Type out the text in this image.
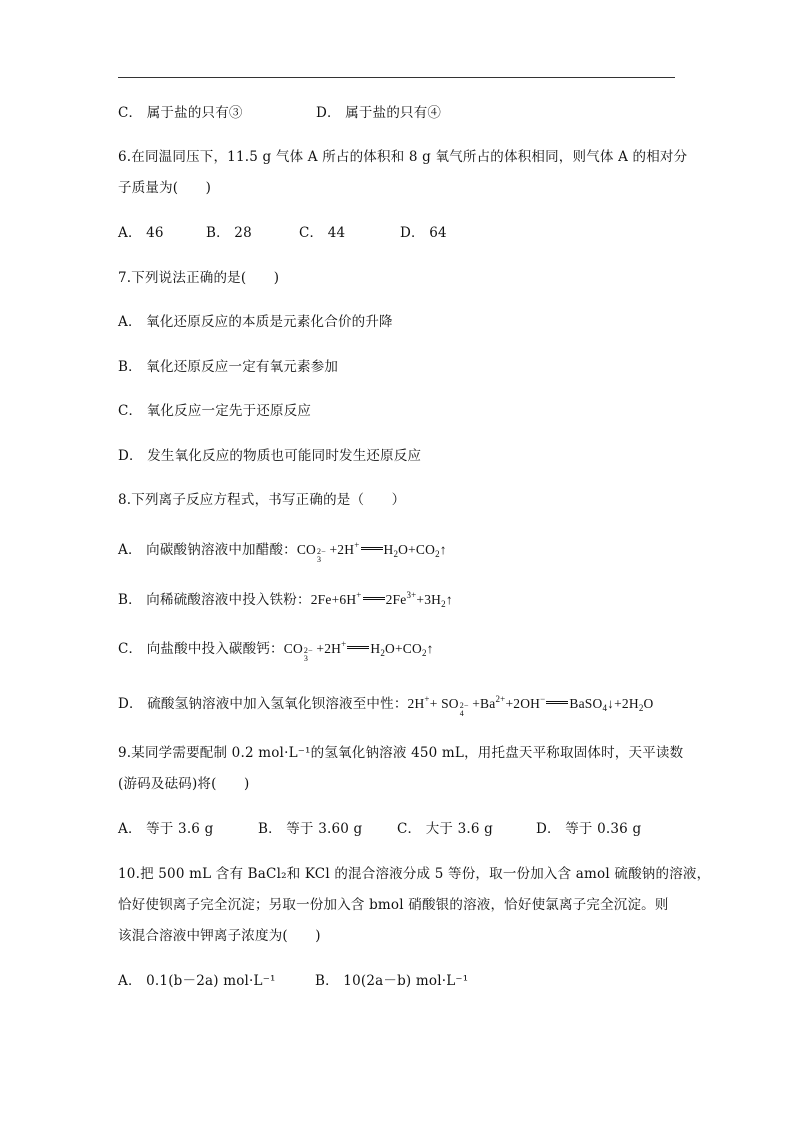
C． 属于盐的只有③	D． 属于盐的只有④
6.在同温同压下，11.5 g 气体 A 所占的体积和 8 g 氧气所占的体积相同，则气体 A 的相对分
子质量为(　　)
A． 46	B． 28	C． 44	D． 64
7.下列说法正确的是(　　)
A． 氧化还原反应的本质是元素化合价的升降
B． 氧化还原反应一定有氧元素参加
C． 氧化反应一定先于还原反应
D． 发生氧化反应的物质也可能同时发生还原反应
8.下列离子反应方程式，书写正确的是（　　）
A． 向碳酸钠溶液中加醋酸：CO 2−
3
+2H+ $H_2O+CO_2↑$
B． 向稀硫酸溶液中投入铁粉：2Fe+6H+ $2Fe^{3+}+3H_2↑$
C． 向盐酸中投入碳酸钙：CO 2−
3
+2H+ $H_2O+CO_2↑$
D． 硫酸氢钠溶液中加入氢氧化钡溶液至中性：2H++ SO 2−
4
$+Ba^{2+}+2OH^-$ $BaSO_4↓+2H_2O$
9.某同学需要配制 0.2 mol·L⁻¹的氢氧化钠溶液 450 mL，用托盘天平称取固体时，天平读数
(游码及砝码)将(　　)
A． 等于 3.6 g	B． 等于 3.60 g	C． 大于 3.6 g	D． 等于 0.36 g
10.把 500 mL 含有 BaCl₂和 KCl 的混合溶液分成 5 等份，取一份加入含 amol 硫酸钠的溶液，
恰好使钡离子完全沉淀；另取一份加入含 bmol 硝酸银的溶液，恰好使氯离子完全沉淀。则
该混合溶液中钾离子浓度为(　　)
A． 0.1(b－2a) mol·L⁻¹	B． 10(2a－b) mol·L⁻¹
